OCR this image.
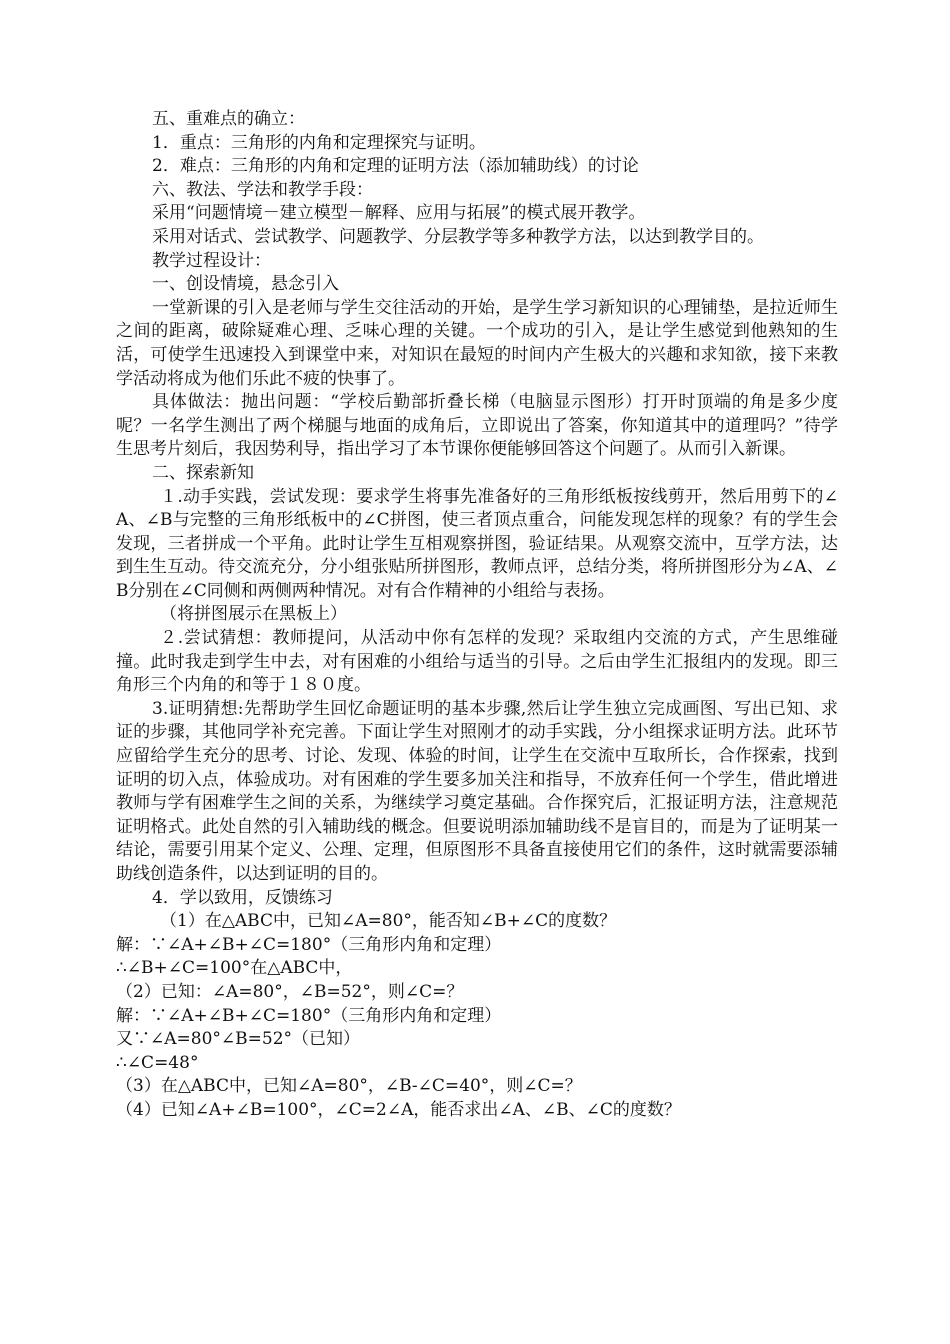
五、重难点的确立：

1．重点：三角形的内角和定理探究与证明。

2．难点：三角形的内角和定理的证明方法（添加辅助线）的讨论

六、教法、学法和教学手段：

采用“问题情境－建立模型－解释、应用与拓展”的模式展开教学。

采用对话式、尝试教学、问题教学、分层教学等多种教学方法，以达到教学目的。

教学过程设计：

一、创设情境，悬念引入

一堂新课的引入是老师与学生交往活动的开始，是学生学习新知识的心理铺垫，是拉近师生之间的距离，破除疑难心理、乏味心理的关键。一个成功的引入，是让学生感觉到他熟知的生活，可使学生迅速投入到课堂中来，对知识在最短的时间内产生极大的兴趣和求知欲，接下来教学活动将成为他们乐此不疲的快事了。

具体做法：抛出问题：“学校后勤部折叠长梯（电脑显示图形）打开时顶端的角是多少度呢？一名学生测出了两个梯腿与地面的成角后，立即说出了答案，你知道其中的道理吗？”待学生思考片刻后，我因势利导，指出学习了本节课你便能够回答这个问题了。从而引入新课。

二、探索新知

１.动手实践，尝试发现：要求学生将事先准备好的三角形纸板按线剪开，然后用剪下的∠A、∠B与完整的三角形纸板中的∠C拼图，使三者顶点重合，问能发现怎样的现象？有的学生会发现，三者拼成一个平角。此时让学生互相观察拼图，验证结果。从观察交流中，互学方法，达到生生互动。待交流充分，分小组张贴所拼图形，教师点评，总结分类，将所拼图形分为∠A、∠B分别在∠C同侧和两侧两种情况。对有合作精神的小组给与表扬。

（将拼图展示在黑板上）

２.尝试猜想：教师提问，从活动中你有怎样的发现？采取组内交流的方式，产生思维碰撞。此时我走到学生中去，对有困难的小组给与适当的引导。之后由学生汇报组内的发现。即三角形三个内角的和等于１８０度。

3.证明猜想:先帮助学生回忆命题证明的基本步骤,然后让学生独立完成画图、写出已知、求证的步骤，其他同学补充完善。下面让学生对照刚才的动手实践，分小组探求证明方法。此环节应留给学生充分的思考、讨论、发现、体验的时间，让学生在交流中互取所长，合作探索，找到证明的切入点，体验成功。对有困难的学生要多加关注和指导，不放弃任何一个学生，借此增进教师与学有困难学生之间的关系，为继续学习奠定基础。合作探究后，汇报证明方法，注意规范证明格式。此处自然的引入辅助线的概念。但要说明添加辅助线不是盲目的，而是为了证明某一结论，需要引用某个定义、公理、定理，但原图形不具备直接使用它们的条件，这时就需要添辅助线创造条件，以达到证明的目的。

4．学以致用，反馈练习

（1）在△ABC中，已知∠A=80°，能否知∠B+∠C的度数？

解：∵∠A+∠B+∠C=180°（三角形内角和定理）

∴∠B+∠C=100°在△ABC中，

（2）已知：∠A=80°，∠B=52°，则∠C=？

解：∵∠A+∠B+∠C=180°（三角形内角和定理）

又∵∠A=80°∠B=52°（已知）

∴∠C=48°

（3）在△ABC中，已知∠A=80°，∠B-∠C=40°，则∠C=？

（4）已知∠A+∠B=100°，∠C=2∠A，能否求出∠A、∠B、∠C的度数？
